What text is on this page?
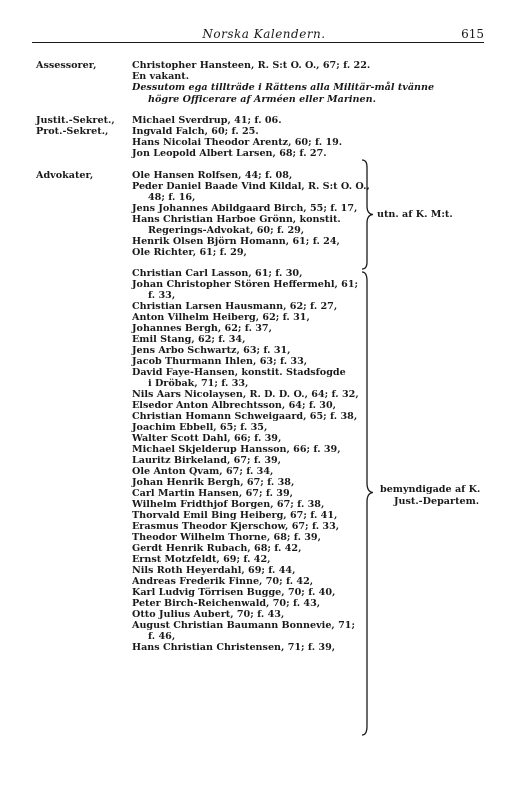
Norska Kalendern.	615
Assessorer,
Justit.-Sekret.,
Prot.-Sekret.,
Advokater,
Christopher Hansteen, R. S:t O. O., 67; f. 22.
En vakant.
Dessutom ega tillträde i Rättens alla Militär-mål tvänne
högre Officerare af Arméen eller Marinen.
Michael Sverdrup, 41; f. 06.
Ingvald Falch, 60; f. 25.
Hans Nicolai Theodor Arentz, 60; f. 19.
Jon Leopold Albert Larsen, 68; f. 27.
Ole Hansen Rolfsen, 44; f. 08,
Peder Daniel Baade Vind Kildal, R. S:t O. O.,
48; f. 16,
Jens Johannes Abildgaard Birch, 55; f. 17,
Hans Christian Harboe Grönn, konstit.
Regerings-Advokat, 60; f. 29,
Henrik Olsen Björn Homann, 61; f. 24,
Ole Richter, 61; f. 29,
Christian Carl Lasson, 61; f. 30,
Johan Christopher Stören Heffermehl, 61;
f. 33,
Christian Larsen Hausmann, 62; f. 27,
Anton Vilhelm Heiberg, 62; f. 31,
Johannes Bergh, 62; f. 37,
Emil Stang, 62; f. 34,
Jens Arbo Schwartz, 63; f. 31,
Jacob Thurmann Ihlen, 63; f. 33,
David Faye-Hansen, konstit. Stadsfogde
i Dröbak, 71; f. 33,
Nils Aars Nicolaysen, R. D. D. O., 64; f. 32,
Elsedor Anton Albrechtsson, 64; f. 30,
Christian Homann Schweigaard, 65; f. 38,
Joachim Ebbell, 65; f. 35,
Walter Scott Dahl, 66; f. 39,
Michael Skjelderup Hansson, 66; f. 39,
Lauritz Birkeland, 67; f. 39,
Ole Anton Qvam, 67; f. 34,
Johan Henrik Bergh, 67; f. 38,
Carl Martin Hansen, 67; f. 39,
Wilhelm Fridthjof Borgen, 67; f. 38,
Thorvald Emil Bing Heiberg, 67; f. 41,
Erasmus Theodor Kjerschow, 67; f. 33,
Theodor Wilhelm Thorne, 68; f. 39,
Gerdt Henrik Rubach, 68; f. 42,
Ernst Motzfeldt, 69; f. 42,
Nils Roth Heyerdahl, 69; f. 44,
Andreas Frederik Finne, 70; f. 42,
Karl Ludvig Törrisen Bugge, 70; f. 40,
Peter Birch-Reichenwald, 70; f. 43,
Otto Julius Aubert, 70; f. 43,
August Christian Baumann Bonnevie, 71;
f. 46,
Hans Christian Christensen, 71; f. 39,
utn. af K. M:t.
bemyndigade af K.
Just.-Departem.
